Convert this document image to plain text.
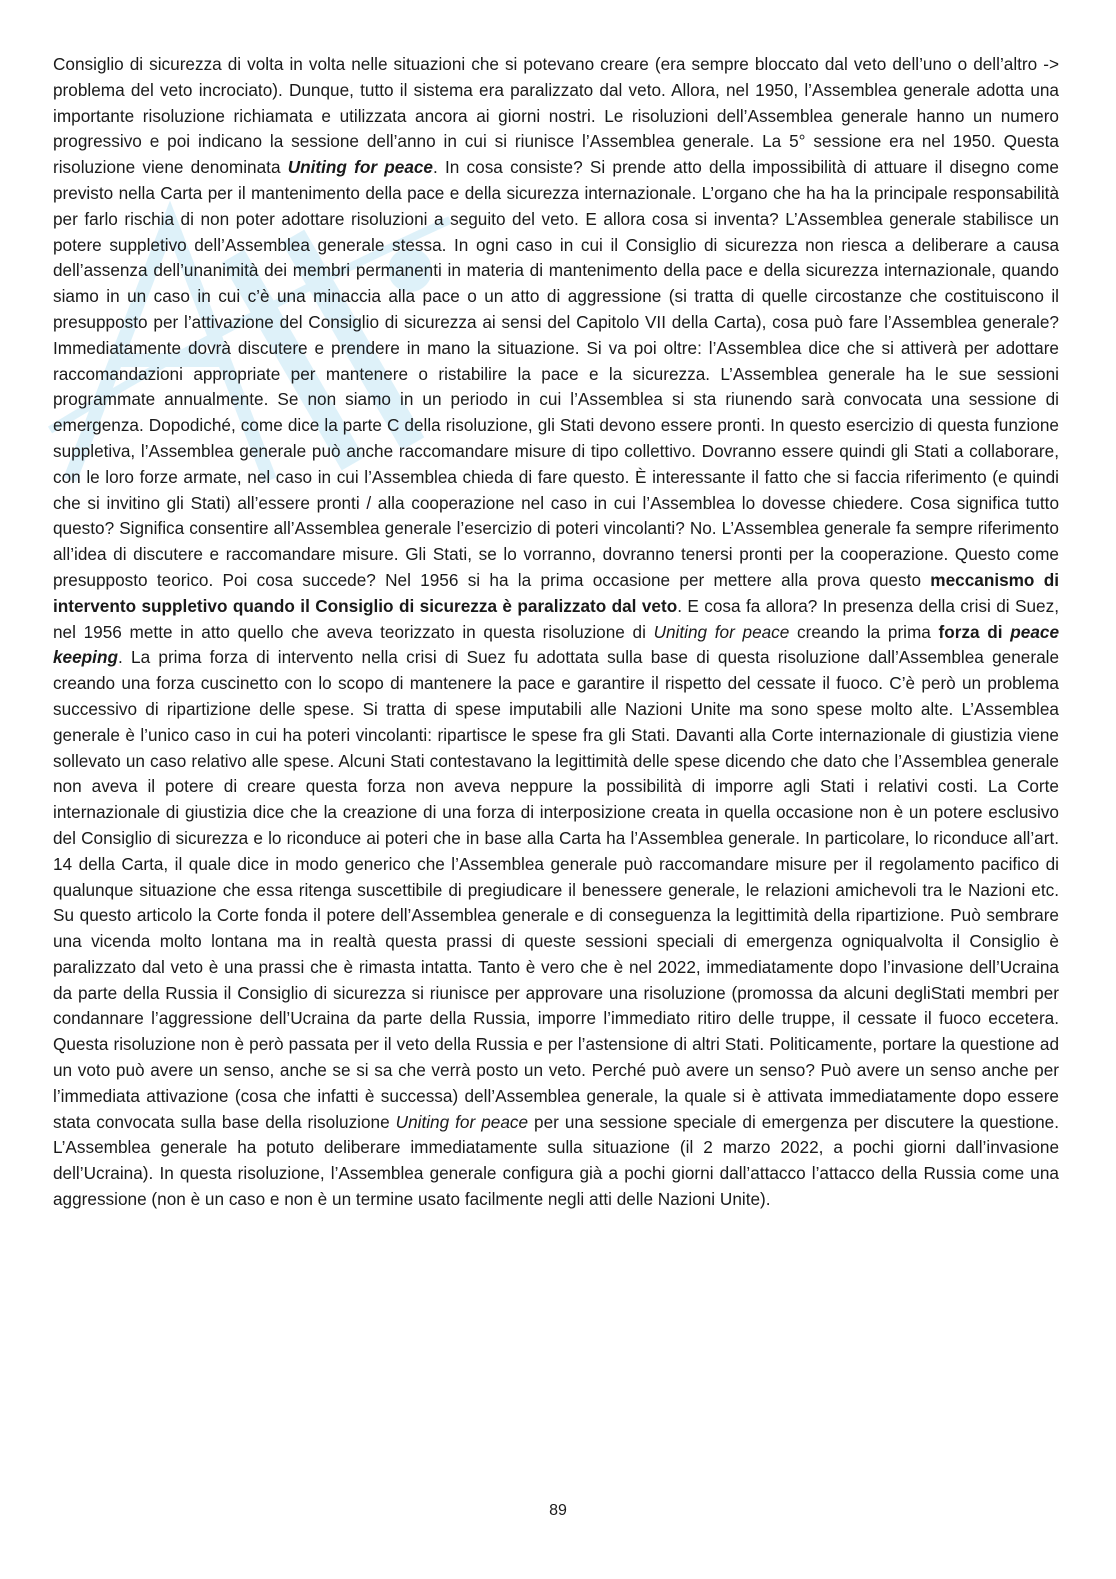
Consiglio di sicurezza di volta in volta nelle situazioni che si potevano creare (era sempre bloccato dal veto dell’uno o dell’altro -> problema del veto incrociato). Dunque, tutto il sistema era paralizzato dal veto. Allora, nel 1950, l’Assemblea generale adotta una importante risoluzione richiamata e utilizzata ancora ai giorni nostri. Le risoluzioni dell’Assemblea generale hanno un numero progressivo e poi indicano la sessione dell’anno in cui si riunisce l’Assemblea generale. La 5° sessione era nel 1950. Questa risoluzione viene denominata Uniting for peace. In cosa consiste? Si prende atto della impossibilità di attuare il disegno come previsto nella Carta per il mantenimento della pace e della sicurezza internazionale. L’organo che ha ha la principale responsabilità per farlo rischia di non poter adottare risoluzioni a seguito del veto. E allora cosa si inventa? L’Assemblea generale stabilisce un potere suppletivo dell’Assemblea generale stessa. In ogni caso in cui il Consiglio di sicurezza non riesca a deliberare a causa dell’assenza dell’unanimità dei membri permanenti in materia di mantenimento della pace e della sicurezza internazionale, quando siamo in un caso in cui c’è una minaccia alla pace o un atto di aggressione (si tratta di quelle circostanze che costituiscono il presupposto per l’attivazione del Consiglio di sicurezza ai sensi del Capitolo VII della Carta), cosa può fare l’Assemblea generale? Immediatamente dovrà discutere e prendere in mano la situazione. Si va poi oltre: l’Assemblea dice che si attiverà per adottare raccomandazioni appropriate per mantenere o ristabilire la pace e la sicurezza. L’Assemblea generale ha le sue sessioni programmate annualmente. Se non siamo in un periodo in cui l’Assemblea si sta riunendo sarà convocata una sessione di emergenza. Dopodiché, come dice la parte C della risoluzione, gli Stati devono essere pronti. In questo esercizio di questa funzione suppletiva, l’Assemblea generale può anche raccomandare misure di tipo collettivo. Dovranno essere quindi gli Stati a collaborare, con le loro forze armate, nel caso in cui l’Assemblea chieda di fare questo. È interessante il fatto che si faccia riferimento (e quindi che si invitino gli Stati) all’essere pronti / alla cooperazione nel caso in cui l’Assemblea lo dovesse chiedere. Cosa significa tutto questo? Significa consentire all’Assemblea generale l’esercizio di poteri vincolanti? No. L’Assemblea generale fa sempre riferimento all’idea di discutere e raccomandare misure. Gli Stati, se lo vorranno, dovranno tenersi pronti per la cooperazione. Questo come presupposto teorico. Poi cosa succede? Nel 1956 si ha la prima occasione per mettere alla prova questo meccanismo di intervento suppletivo quando il Consiglio di sicurezza è paralizzato dal veto. E cosa fa allora? In presenza della crisi di Suez, nel 1956 mette in atto quello che aveva teorizzato in questa risoluzione di Uniting for peace creando la prima forza di peace keeping. La prima forza di intervento nella crisi di Suez fu adottata sulla base di questa risoluzione dall’Assemblea generale creando una forza cuscinetto con lo scopo di mantenere la pace e garantire il rispetto del cessate il fuoco. C’è però un problema successivo di ripartizione delle spese. Si tratta di spese imputabili alle Nazioni Unite ma sono spese molto alte. L’Assemblea generale è l’unico caso in cui ha poteri vincolanti: ripartisce le spese fra gli Stati. Davanti alla Corte internazionale di giustizia viene sollevato un caso relativo alle spese. Alcuni Stati contestavano la legittimità delle spese dicendo che dato che l’Assemblea generale non aveva il potere di creare questa forza non aveva neppure la possibilità di imporre agli Stati i relativi costi. La Corte internazionale di giustizia dice che la creazione di una forza di interposizione creata in quella occasione non è un potere esclusivo del Consiglio di sicurezza e lo riconduce ai poteri che in base alla Carta ha l’Assemblea generale. In particolare, lo riconduce all’art. 14 della Carta, il quale dice in modo generico che l’Assemblea generale può raccomandare misure per il regolamento pacifico di qualunque situazione che essa ritenga suscettibile di pregiudicare il benessere generale, le relazioni amichevoli tra le Nazioni etc. Su questo articolo la Corte fonda il potere dell’Assemblea generale e di conseguenza la legittimità della ripartizione. Può sembrare una vicenda molto lontana ma in realtà questa prassi di queste sessioni speciali di emergenza ogniqualvolta il Consiglio è paralizzato dal veto è una prassi che è rimasta intatta. Tanto è vero che è nel 2022, immediatamente dopo l’invasione dell’Ucraina da parte della Russia il Consiglio di sicurezza si riunisce per approvare una risoluzione (promossa da alcuni degliStati membri per condannare l’aggressione dell’Ucraina da parte della Russia, imporre l’immediato ritiro delle truppe, il cessate il fuoco eccetera. Questa risoluzione non è però passata per il veto della Russia e per l’astensione di altri Stati. Politicamente, portare la questione ad un voto può avere un senso, anche se si sa che verrà posto un veto. Perché può avere un senso? Può avere un senso anche per l’immediata attivazione (cosa che infatti è successa) dell’Assemblea generale, la quale si è attivata immediatamente dopo essere stata convocata sulla base della risoluzione Uniting for peace per una sessione speciale di emergenza per discutere la questione. L’Assemblea generale ha potuto deliberare immediatamente sulla situazione (il 2 marzo 2022, a pochi giorni dall’invasione dell’Ucraina). In questa risoluzione, l’Assemblea generale configura già a pochi giorni dall’attacco l’attacco della Russia come una aggressione (non è un caso e non è un termine usato facilmente negli atti delle Nazioni Unite).

89
